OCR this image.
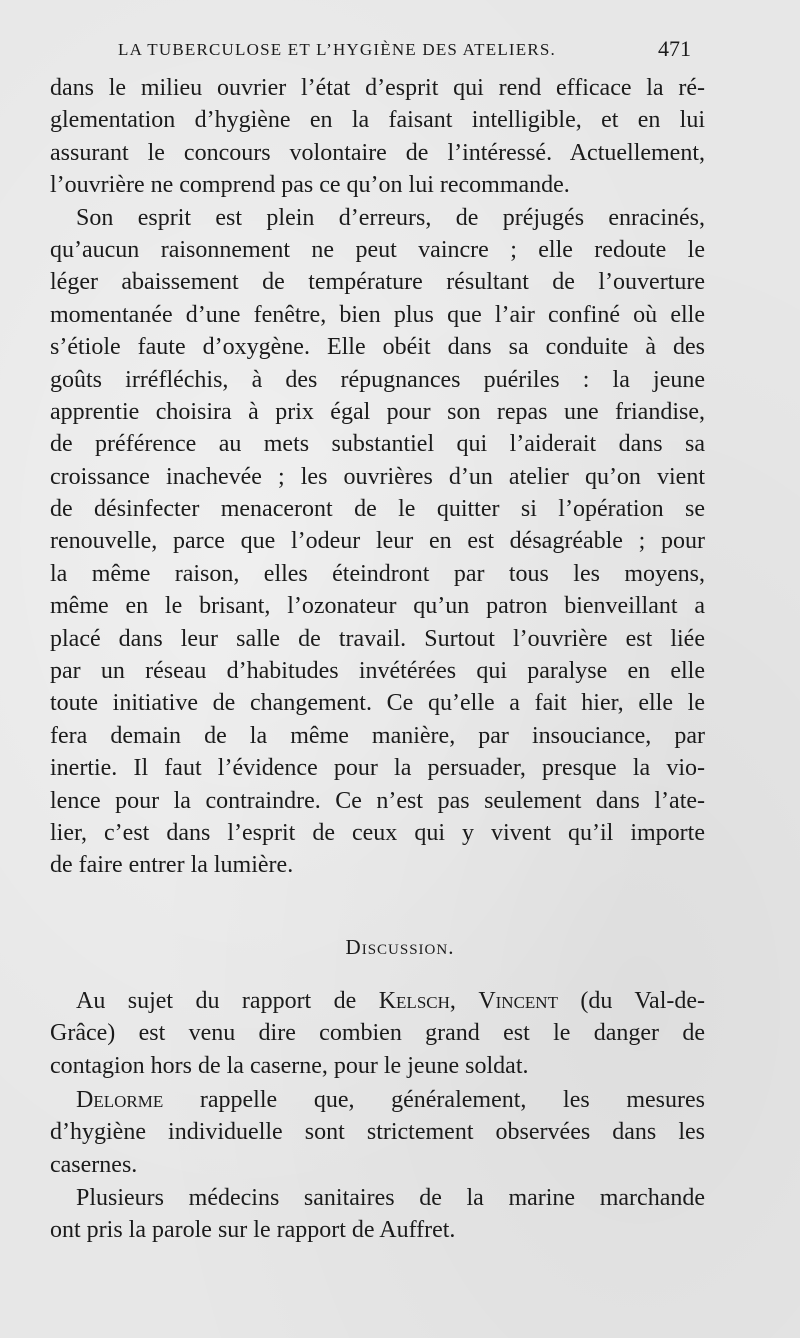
LA TUBERCULOSE ET L’HYGIÈNE DES ATELIERS.	471
dans le milieu ouvrier l’état d’esprit qui rend efficace la ré-
glementation d’hygiène en la faisant intelligible, et en lui
assurant le concours volontaire de l’intéressé. Actuellement,
l’ouvrière ne comprend pas ce qu’on lui recommande.
Son esprit est plein d’erreurs, de préjugés enracinés,
qu’aucun raisonnement ne peut vaincre ; elle redoute le
léger abaissement de température résultant de l’ouverture
momentanée d’une fenêtre, bien plus que l’air confiné où elle
s’étiole faute d’oxygène. Elle obéit dans sa conduite à des
goûts irréfléchis, à des répugnances puériles : la jeune
apprentie choisira à prix égal pour son repas une friandise,
de préférence au mets substantiel qui l’aiderait dans sa
croissance inachevée ; les ouvrières d’un atelier qu’on vient
de désinfecter menaceront de le quitter si l’opération se
renouvelle, parce que l’odeur leur en est désagréable ; pour
la même raison, elles éteindront par tous les moyens,
même en le brisant, l’ozonateur qu’un patron bienveillant a
placé dans leur salle de travail. Surtout l’ouvrière est liée
par un réseau d’habitudes invétérées qui paralyse en elle
toute initiative de changement. Ce qu’elle a fait hier, elle le
fera demain de la même manière, par insouciance, par
inertie. Il faut l’évidence pour la persuader, presque la vio-
lence pour la contraindre. Ce n’est pas seulement dans l’ate-
lier, c’est dans l’esprit de ceux qui y vivent qu’il importe
de faire entrer la lumière.
Discussion.
Au sujet du rapport de Kelsch, Vincent (du Val-de-
Grâce) est venu dire combien grand est le danger de
contagion hors de la caserne, pour le jeune soldat.
Delorme rappelle que, généralement, les mesures
d’hygiène individuelle sont strictement observées dans les
casernes.
Plusieurs médecins sanitaires de la marine marchande
ont pris la parole sur le rapport de Auffret.
